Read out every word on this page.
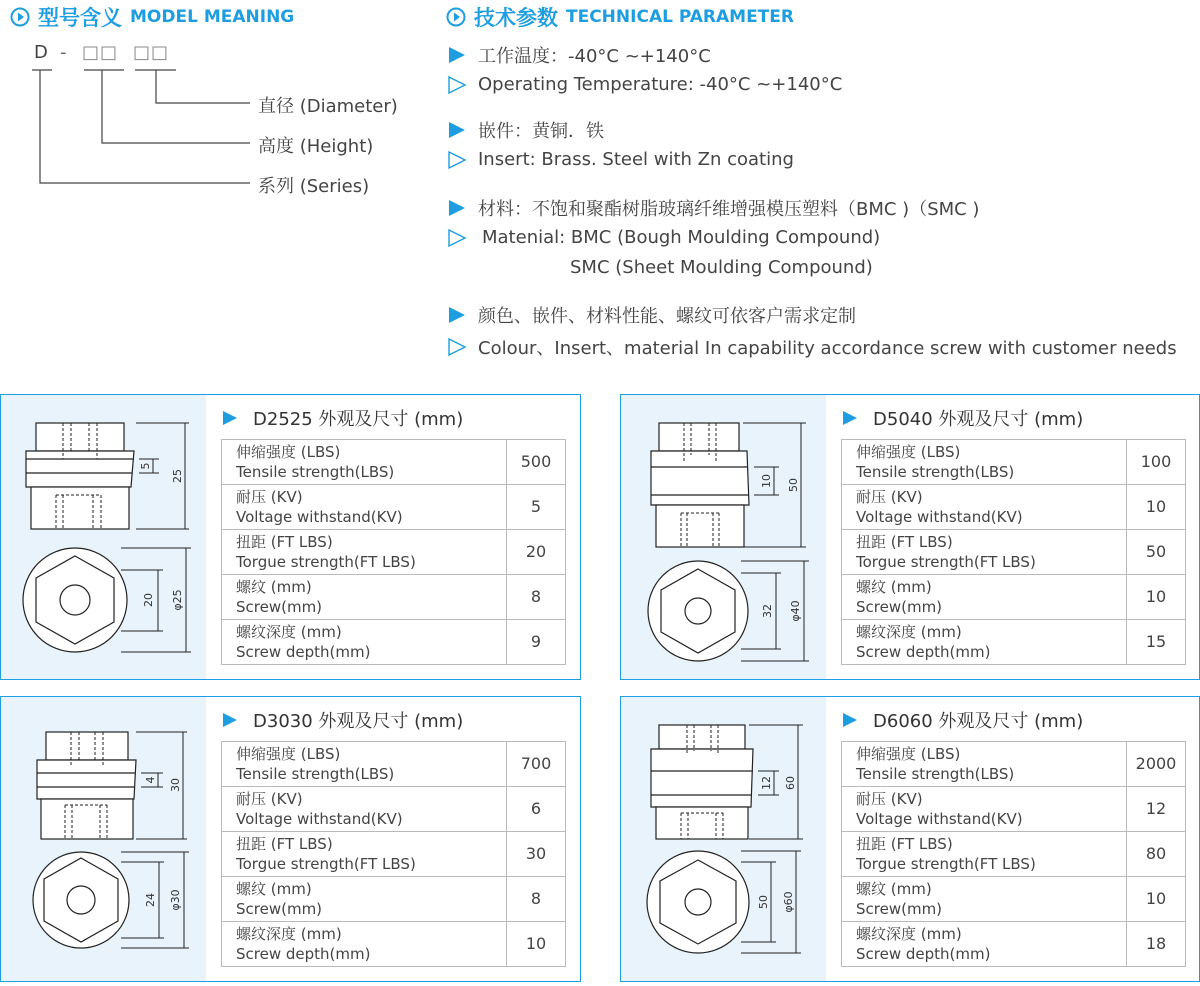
型号含义 MODEL MEANING
D - □□ □□
直径 (Diameter)
高度 (Height)
系列 (Series)
技术参数 TECHNICAL PARAMETER
工作温度：-40°C ~+140°C
Operating Temperature: -40°C ~+140°C
嵌件：黄铜．铁
Insert: Brass. Steel with Zn coating
材料：不饱和聚酯树脂玻璃纤维增强模压塑料（BMC )（SMC )
Matenial: BMC (Bough Moulding Compound)
SMC (Sheet Moulding Compound)
颜色、嵌件、材料性能、螺纹可依客户需求定制
Colour、Insert、material In capability accordance screw with customer needs
5
25
20 φ25
D2525 外观及尺寸 (mm)
伸缩强度 (LBS)
Tensile strength(LBS)	500

耐压 (KV)
Voltage withstand(KV)	5

扭距 (FT LBS)
Torgue strength(FT LBS)	20

螺纹 (mm)
Screw(mm)	8

螺纹深度 (mm)
Screw depth(mm)	9
10 50
32 φ40
D5040 外观及尺寸 (mm)
伸缩强度 (LBS)
Tensile strength(LBS)	100

耐压 (KV)
Voltage withstand(KV)	10

扭距 (FT LBS)
Torgue strength(FT LBS)	50

螺纹 (mm)
Screw(mm)	10

螺纹深度 (mm)
Screw depth(mm)	15
4 30
24 φ30
D3030 外观及尺寸 (mm)
伸缩强度 (LBS)
Tensile strength(LBS)	700

耐压 (KV)
Voltage withstand(KV)	6

扭距 (FT LBS)
Torgue strength(FT LBS)	30

螺纹 (mm)
Screw(mm)	8

螺纹深度 (mm)
Screw depth(mm)	10
12 60
50 φ60
D6060 外观及尺寸 (mm)
伸缩强度 (LBS)
Tensile strength(LBS)	2000

耐压 (KV)
Voltage withstand(KV)	12

扭距 (FT LBS)
Torgue strength(FT LBS)	80

螺纹 (mm)
Screw(mm)	10

螺纹深度 (mm)
Screw depth(mm)	18
